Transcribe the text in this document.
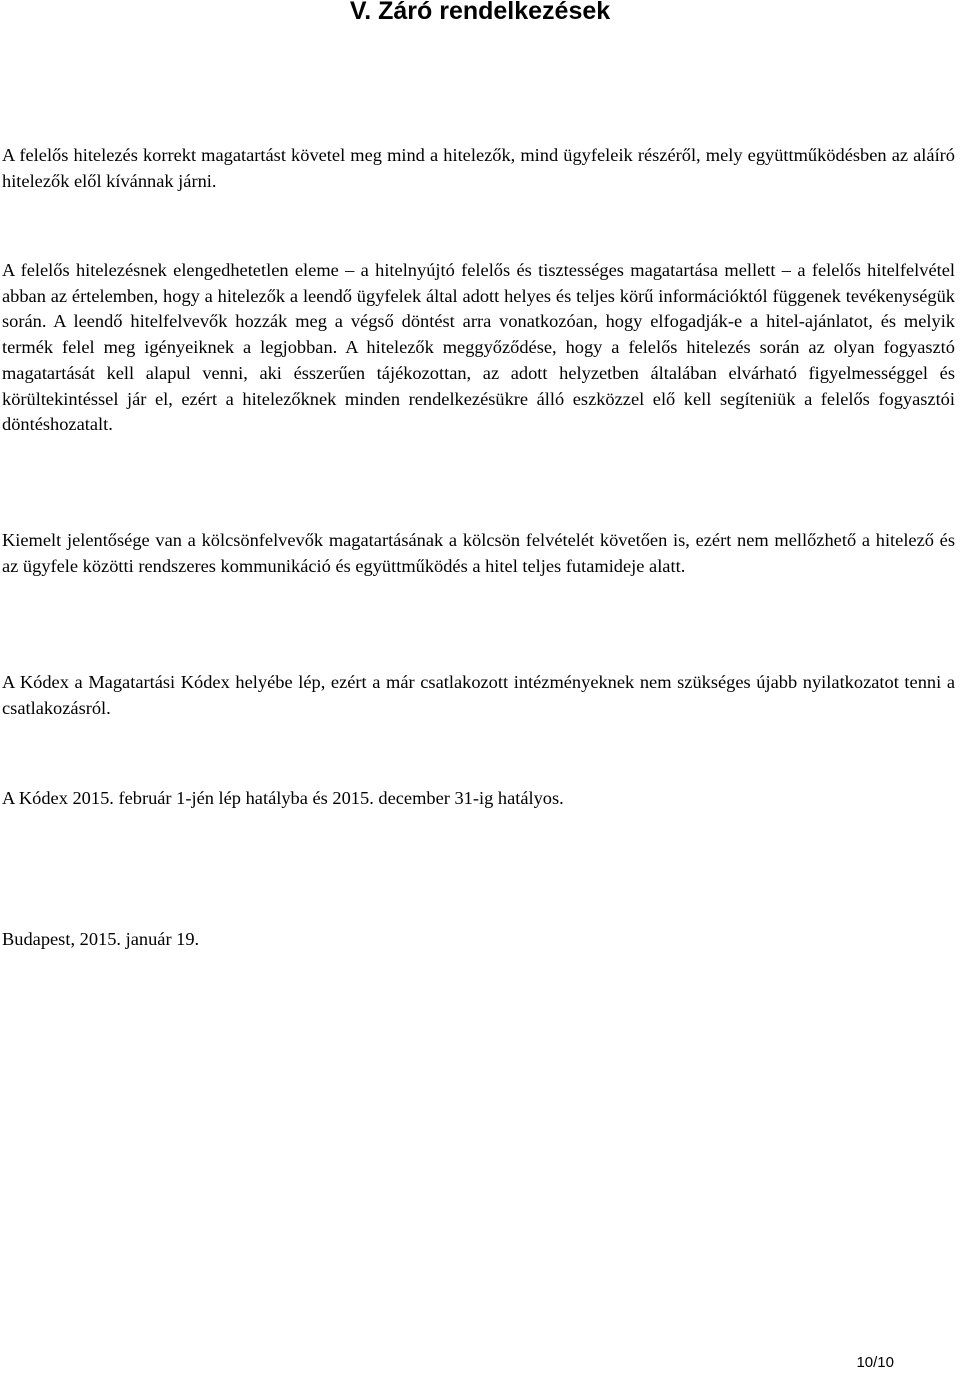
V. Záró rendelkezések

A felelős hitelezés korrekt magatartást követel meg mind a hitelezők, mind ügyfeleik részéről, mely együttműködésben az aláíró hitelezők elől kívánnak járni.

A felelős hitelezésnek elengedhetetlen eleme – a hitelnyújtó felelős és tisztességes magatartása mellett – a felelős hitelfelvétel abban az értelemben, hogy a hitelezők a leendő ügyfelek által adott helyes és teljes körű információktól függenek tevékenységük során. A leendő hitelfelvevők hozzák meg a végső döntést arra vonatkozóan, hogy elfogadják-e a hitel-ajánlatot, és melyik termék felel meg igényeiknek a legjobban. A hitelezők meggyőződése, hogy a felelős hitelezés során az olyan fogyasztó magatartását kell alapul venni, aki ésszerűen tájékozottan, az adott helyzetben általában elvárható figyelmességgel és körültekintéssel jár el, ezért a hitelezőknek minden rendelkezésükre álló eszközzel elő kell segíteniük a felelős fogyasztói döntéshozatalt.

Kiemelt jelentősége van a kölcsönfelvevők magatartásának a kölcsön felvételét követően is, ezért nem mellőzhető a hitelező és az ügyfele közötti rendszeres kommunikáció és együttműködés a hitel teljes futamideje alatt.

A Kódex a Magatartási Kódex helyébe lép, ezért a már csatlakozott intézményeknek nem szükséges újabb nyilatkozatot tenni a csatlakozásról.

A Kódex 2015. február 1-jén lép hatályba és 2015. december 31-ig hatályos.

Budapest, 2015. január 19.

10/10
